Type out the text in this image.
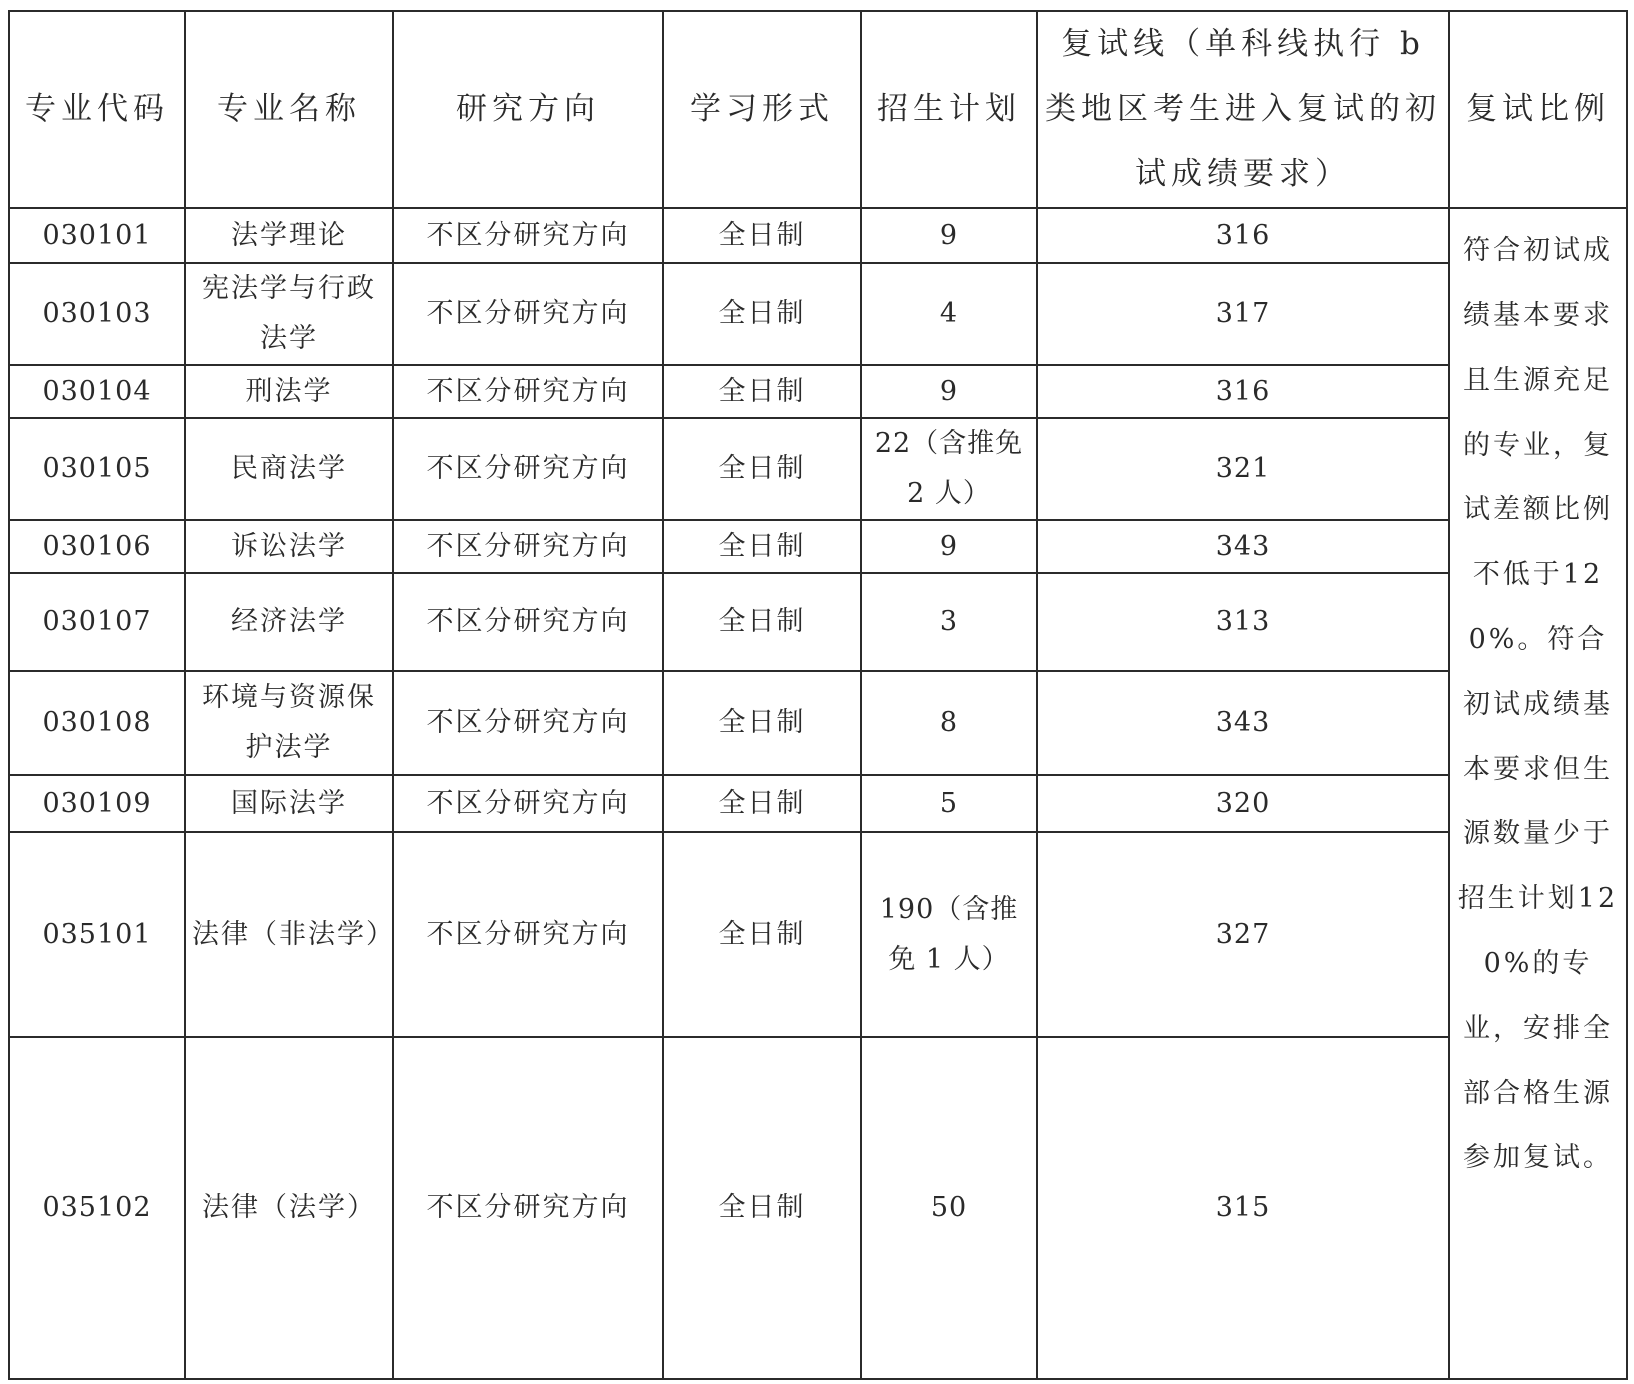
专业代码	专业名称	研究方向	学习形式	招生计划	复试线（单科线执行 b 类地区考生进入复试的初试成绩要求）	复试比例
030101	法学理论	不区分研究方向	全日制	9	316	符合初试成绩基本要求且生源充足的专业，复试差额比例不低于120%。符合初试成绩基本要求但生源数量少于招生计划120%的专业，安排全部合格生源参加复试。
030103	宪法学与行政法学	不区分研究方向	全日制	4	317	
030104	刑法学	不区分研究方向	全日制	9	316	
030105	民商法学	不区分研究方向	全日制	22（含推免 2 人）	321	
030106	诉讼法学	不区分研究方向	全日制	9	343	
030107	经济法学	不区分研究方向	全日制	3	313	
030108	环境与资源保护法学	不区分研究方向	全日制	8	343	
030109	国际法学	不区分研究方向	全日制	5	320	
035101	法律（非法学）	不区分研究方向	全日制	190（含推免 1 人）	327	
035102	法律（法学）	不区分研究方向	全日制	50	315	
